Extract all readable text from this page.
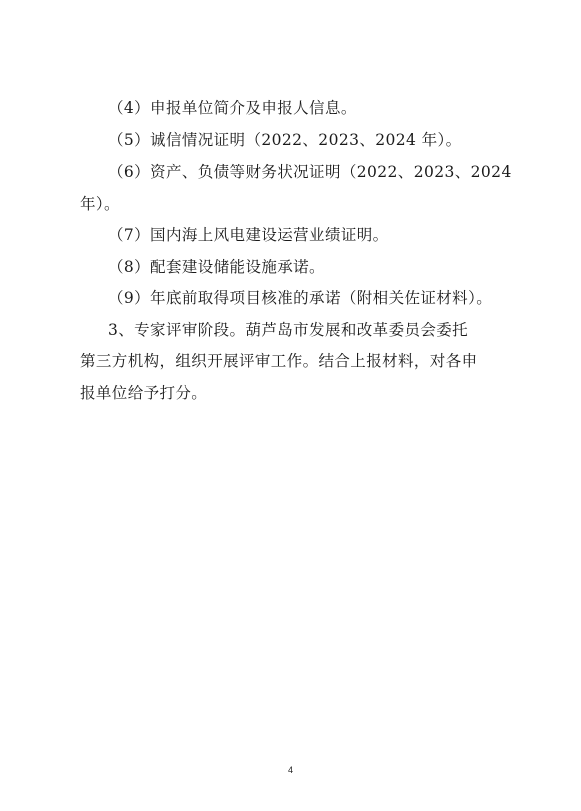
（4）申报单位简介及申报人信息。
（5）诚信情况证明（2022、2023、2024 年）。
（6）资产、负债等财务状况证明（2022、2023、2024
年）。
（7）国内海上风电建设运营业绩证明。
（8）配套建设储能设施承诺。
（9）年底前取得项目核准的承诺（附相关佐证材料）。
3、专家评审阶段。葫芦岛市发展和改革委员会委托
第三方机构，组织开展评审工作。结合上报材料，对各申
报单位给予打分。
4
